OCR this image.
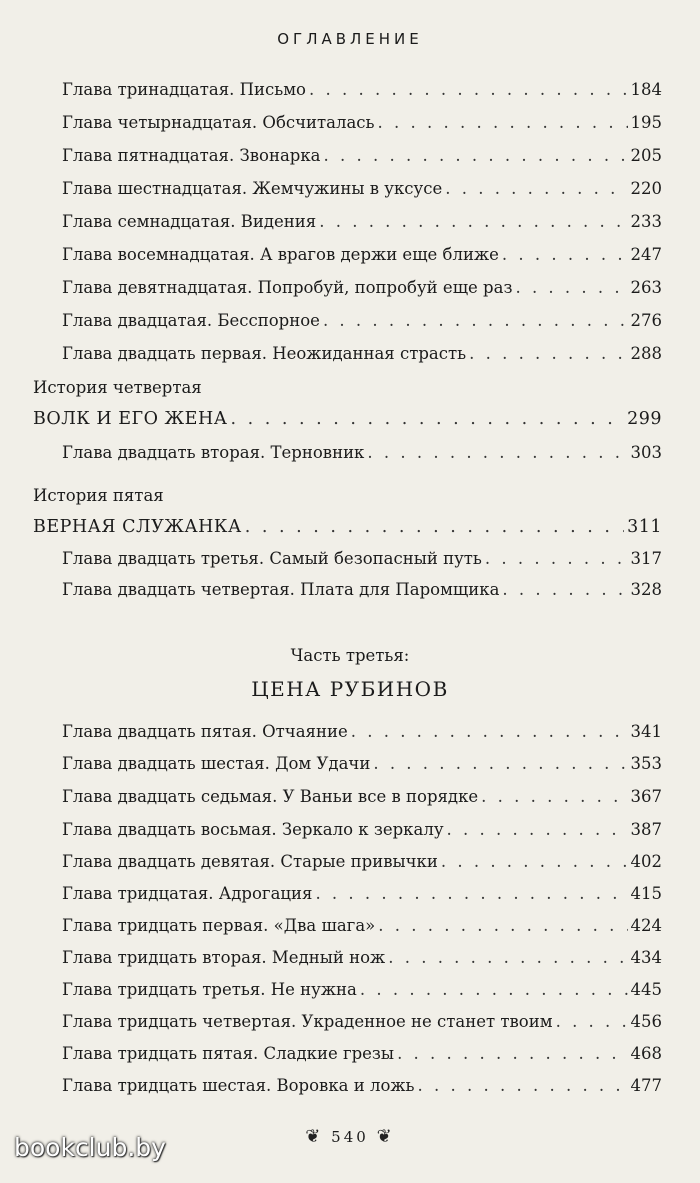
ОГЛАВЛЕНИЕ
Глава тринадцатая. Письмо . . .	184
Глава четырнадцатая. Обсчиталась . . .	195
Глава пятнадцатая. Звонарка . . .	205
Глава шестнадцатая. Жемчужины в уксусе . . .	220
Глава семнадцатая. Видения . . .	233
Глава восемнадцатая. А врагов держи еще ближе . . .	247
Глава девятнадцатая. Попробуй, попробуй еще раз . . .	263
Глава двадцатая. Бесспорное . . .	276
Глава двадцать первая. Неожиданная страсть . . .	288
История четвертая
ВОЛК И ЕГО ЖЕНА . . .	299
Глава двадцать вторая. Терновник . . .	303
История пятая
ВЕРНАЯ СЛУЖАНКА . . .	311
Глава двадцать третья. Самый безопасный путь . . .	317
Глава двадцать четвертая. Плата для Паромщика . . .	328
Часть третья:
ЦЕНА РУБИНОВ
Глава двадцать пятая. Отчаяние . . .	341
Глава двадцать шестая. Дом Удачи . . .	353
Глава двадцать седьмая. У Ваньи все в порядке . . .	367
Глава двадцать восьмая. Зеркало к зеркалу . . .	387
Глава двадцать девятая. Старые привычки . . .	402
Глава тридцатая. Адрогация . . .	415
Глава тридцать первая. «Два шага» . . .	424
Глава тридцать вторая. Медный нож . . .	434
Глава тридцать третья. Не нужна . . .	445
Глава тридцать четвертая. Украденное не станет твоим . . .	456
Глава тридцать пятая. Сладкие грезы . . .	468
Глава тридцать шестая. Воровка и ложь . . .	477
❦ 540 ❦
bookclub.by
